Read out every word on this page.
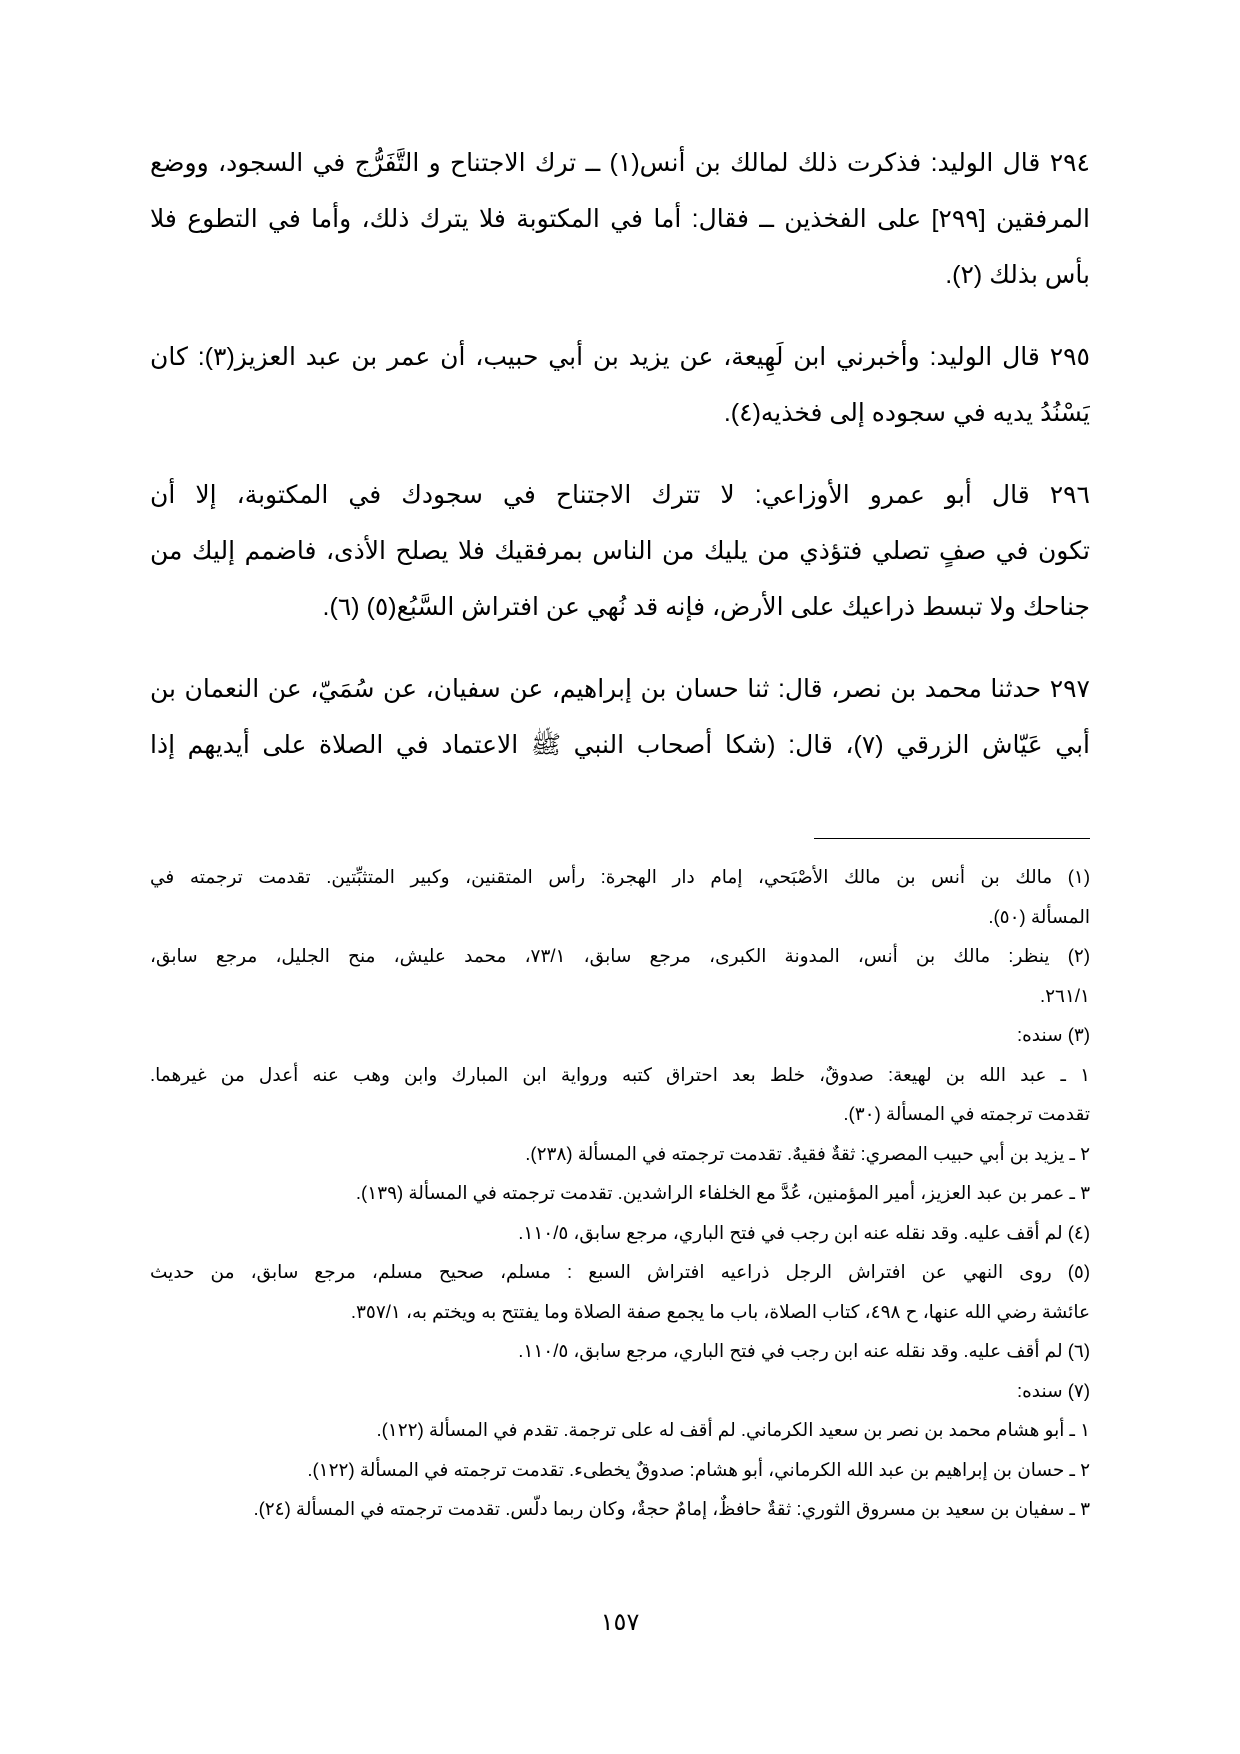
٢٩٤ قال الوليد: فذكرت ذلك لمالك بن أنس(١) ــ ترك الاجتناح و التَّفَرُّج في السجود، ووضع
المرفقين [٢٩٩] على الفخذين ــ فقال: أما في المكتوبة فلا يترك ذلك، وأما في التطوع فلا
بأس بذلك (٢).
٢٩٥ قال الوليد: وأخبرني ابن لَهِيعة، عن يزيد بن أبي حبيب، أن عمر بن عبد العزيز(٣): كان
يَسْنُدُ يديه في سجوده إلى فخذيه(٤).
٢٩٦ قال أبو عمرو الأوزاعي: لا تترك الاجتناح في سجودك في المكتوبة، إلا أن
تكون في صفٍ تصلي فتؤذي من يليك من الناس بمرفقيك فلا يصلح الأذى، فاضمم إليك من
جناحك ولا تبسط ذراعيك على الأرض، فإنه قد نُهي عن افتراش السَّبُع(٥) (٦).
٢٩٧ حدثنا محمد بن نصر، قال: ثنا حسان بن إبراهيم، عن سفيان، عن سُمَيّ، عن النعمان بن
أبي عَيّاش الزرقي (٧)، قال: (شكا أصحاب النبي ﷺ الاعتماد في الصلاة على أيديهم إذا
(١) مالك بن أنس بن مالك الأصْبَحي، إمام دار الهجرة: رأس المتقنين، وكبير المتثبِّتين. تقدمت ترجمته في
المسألة (٥٠).
(٢) ينظر: مالك بن أنس، المدونة الكبرى، مرجع سابق، ٧٣/١، محمد عليش، منح الجليل، مرجع سابق،
٢٦١/١.
(٣) سنده:
١ ـ عبد الله بن لهيعة: صدوقٌ، خلط بعد احتراق كتبه ورواية ابن المبارك وابن وهب عنه أعدل من غيرهما.
تقدمت ترجمته في المسألة (٣٠).
٢ ـ يزيد بن أبي حبيب المصري: ثقةٌ فقيهٌ. تقدمت ترجمته في المسألة (٢٣٨).
٣ ـ عمر بن عبد العزيز، أمير المؤمنين، عُدَّ مع الخلفاء الراشدين. تقدمت ترجمته في المسألة (١٣٩).
(٤) لم أقف عليه. وقد نقله عنه ابن رجب في فتح الباري، مرجع سابق، ١١٠/٥.
(٥) روى النهي عن افتراش الرجل ذراعيه افتراش السبع : مسلم، صحيح مسلم، مرجع سابق، من حديث
عائشة رضي الله عنها، ح ٤٩٨، كتاب الصلاة، باب ما يجمع صفة الصلاة وما يفتتح به ويختم به، ٣٥٧/١.
(٦) لم أقف عليه. وقد نقله عنه ابن رجب في فتح الباري، مرجع سابق، ١١٠/٥.
(٧) سنده:
١ ـ أبو هشام محمد بن نصر بن سعيد الكرماني. لم أقف له على ترجمة. تقدم في المسألة (١٢٢).
٢ ـ حسان بن إبراهيم بن عبد الله الكرماني، أبو هشام: صدوقٌ يخطىء. تقدمت ترجمته في المسألة (١٢٢).
٣ ـ سفيان بن سعيد بن مسروق الثوري: ثقةٌ حافظٌ، إمامٌ حجةٌ، وكان ربما دلّس. تقدمت ترجمته في المسألة (٢٤).
١٥٧
